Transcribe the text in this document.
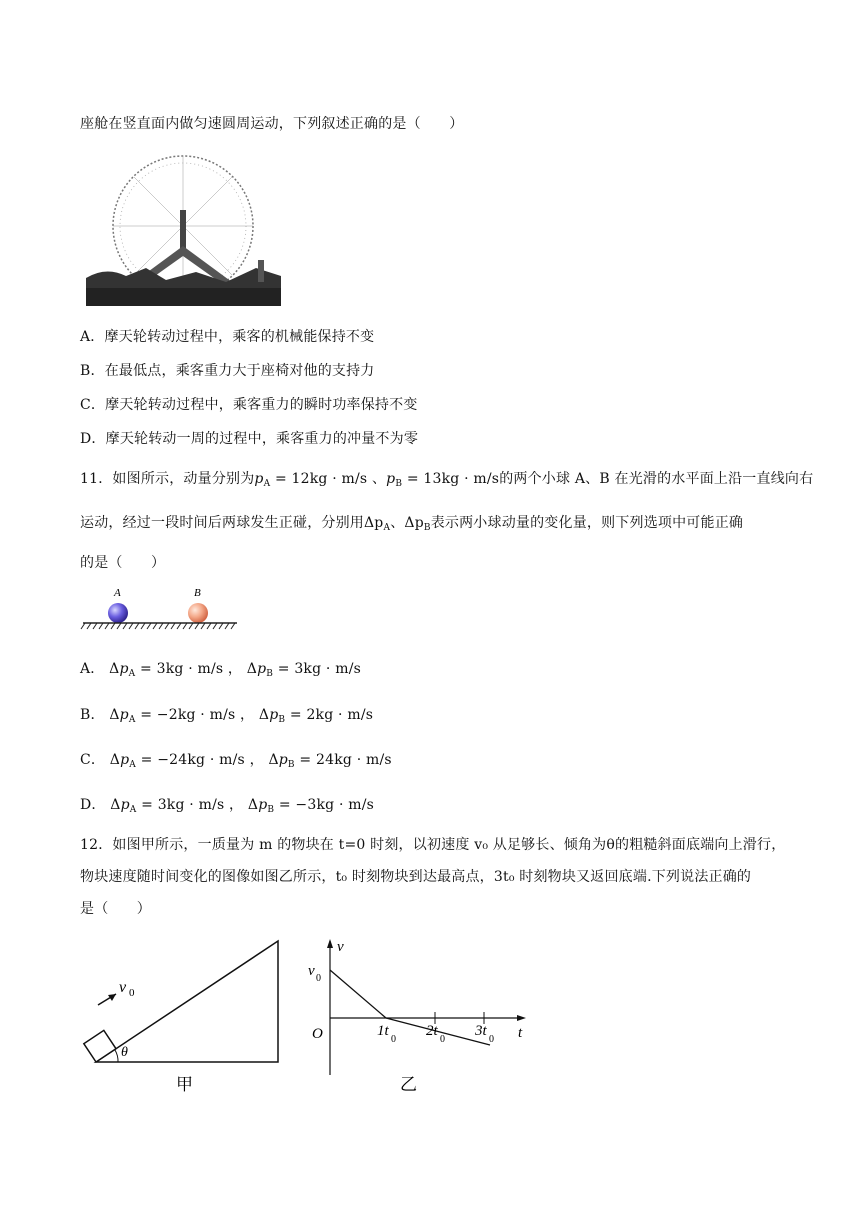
座舱在竖直面内做匀速圆周运动，下列叙述正确的是（　　）
A．摩天轮转动过程中，乘客的机械能保持不变
B．在最低点，乘客重力大于座椅对他的支持力
C．摩天轮转动过程中，乘客重力的瞬时功率保持不变
D．摩天轮转动一周的过程中，乘客重力的冲量不为零
11．如图所示，动量分别为$p_A = 12kg \cdot m/s$ 、$p_B = 13kg \cdot m/s$的两个小球 A、B 在光滑的水平面上沿一直线向右
运动，经过一段时间后两球发生正碰，分别用$\Delta p_A$、$\Delta p_B$表示两小球动量的变化量，则下列选项中可能正确
的是（　　）
A	B
A． $\Delta p_A = 3kg \cdot m/s$ ， $\Delta p_B = 3kg \cdot m/s$
B． $\Delta p_A = -2kg \cdot m/s$ ， $\Delta p_B = 2kg \cdot m/s$
C． $\Delta p_A = -24kg \cdot m/s$ ， $\Delta p_B = 24kg \cdot m/s$
D． $\Delta p_A = 3kg \cdot m/s$ ， $\Delta p_B = -3kg \cdot m/s$
12．如图甲所示，一质量为 m 的物块在 t=0 时刻，以初速度 v₀ 从足够长、倾角为θ的粗糙斜面底端向上滑行，
物块速度随时间变化的图像如图乙所示，t₀ 时刻物块到达最高点，3t₀ 时刻物块又返回底端.下列说法正确的
是（　　）
v 0
θ
甲
v
t
O
v 0
1t
0
2t
0
3t
0
乙
